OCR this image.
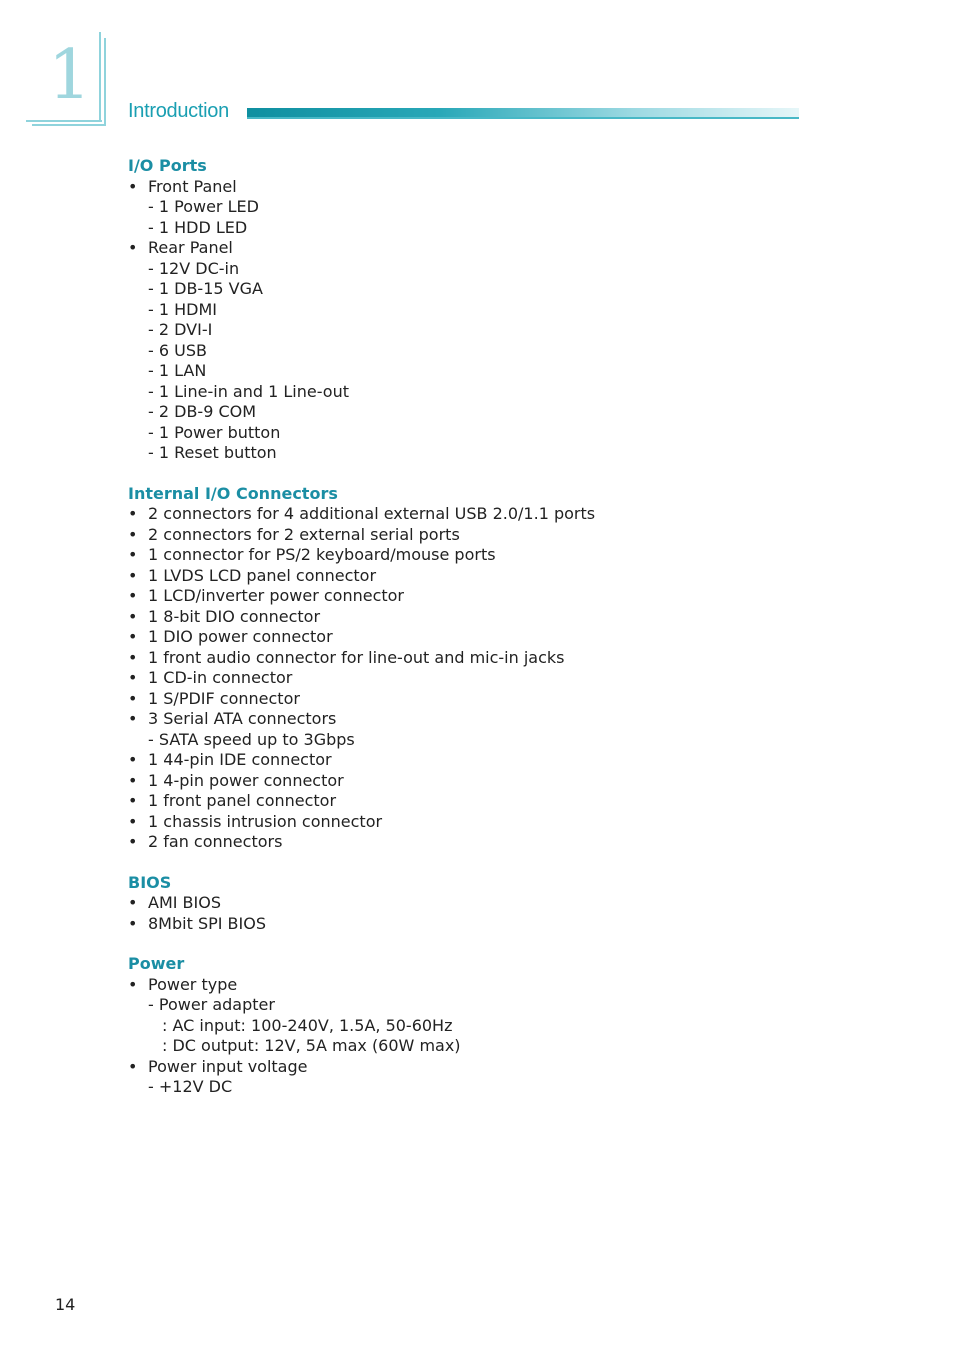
1 Introduction
I/O Ports
• Front Panel
- 1 Power LED
- 1 HDD LED
• Rear Panel
- 12V DC-in
- 1 DB-15 VGA
- 1 HDMI
- 2 DVI-I
- 6 USB
- 1 LAN
- 1 Line-in and 1 Line-out
- 2 DB-9 COM
- 1 Power button
- 1 Reset button
Internal I/O Connectors
• 2 connectors for 4 additional external USB 2.0/1.1 ports
• 2 connectors for 2 external serial ports
• 1 connector for PS/2 keyboard/mouse ports
• 1 LVDS LCD panel connector
• 1 LCD/inverter power connector
• 1 8-bit DIO connector
• 1 DIO power connector
• 1 front audio connector for line-out and mic-in jacks
• 1 CD-in connector
• 1 S/PDIF connector
• 3 Serial ATA connectors
- SATA speed up to 3Gbps
• 1 44-pin IDE connector
• 1 4-pin power connector
• 1 front panel connector
• 1 chassis intrusion connector
• 2 fan connectors
BIOS
• AMI BIOS
• 8Mbit SPI BIOS
Power
• Power type
- Power adapter
: AC input: 100-240V, 1.5A, 50-60Hz
: DC output: 12V, 5A max (60W max)
• Power input voltage
- +12V DC
14
